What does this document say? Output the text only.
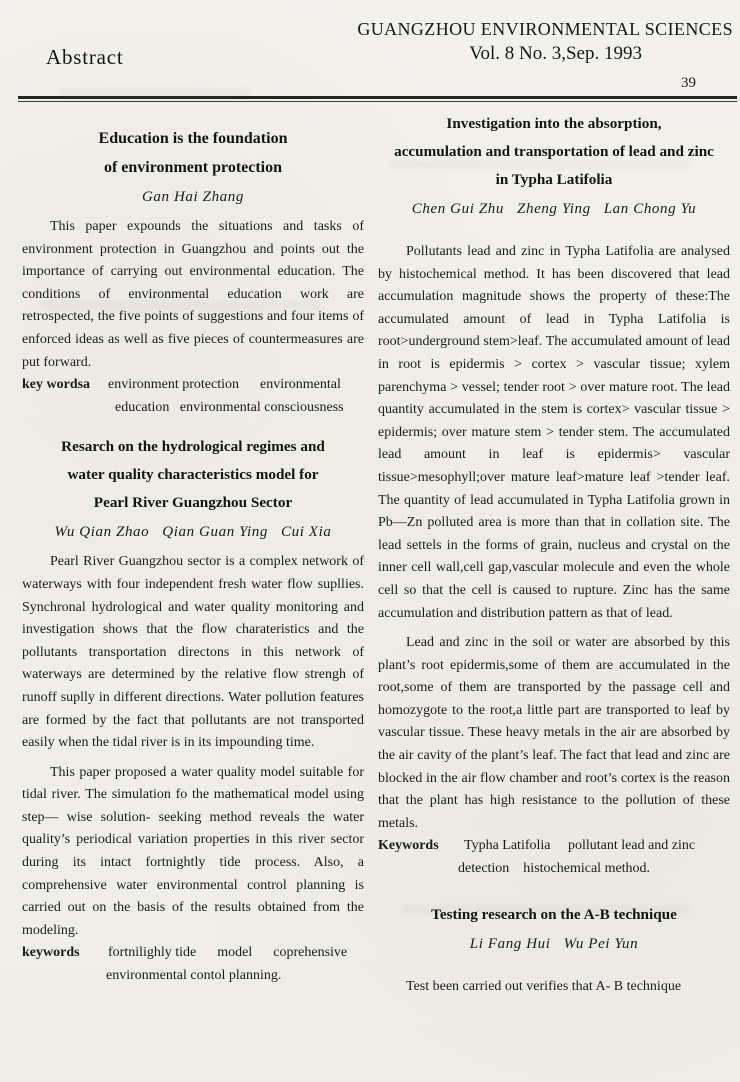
GUANGZHOU ENVIRONMENTAL SCIENCES
Abstract	Vol. 8 No. 3,Sep. 1993
39
Education is the foundation
of environment protection
Gan Hai Zhang

This paper expounds the situations and tasks of environment protection in Guangzhou and points out the importance of carrying out environmental education. The conditions of environmental education work are retrospected, the five points of suggestions and four items of enforced ideas as well as five pieces of countermeasures are put forward.

key wordsa environment protection      environmental
education   environmental consciousness
Resarch on the hydrological regimes and
water quality characteristics model for
Pearl River Guangzhou Sector
Wu Qian Zhao   Qian Guan Ying   Cui Xia

Pearl River Guangzhou sector is a complex network of waterways with four independent fresh water flow supllies. Synchronal hydrological and water quality monitoring and investigation shows that the flow charateristics and the pollutants transportation directons in this network of waterways are determined by the relative flow strengh of runoff suplly in different directions. Water pollution features are formed by the fact that pollutants are not transported easily when the tidal river is in its impounding time.

This paper proposed a water quality model suitable for tidal river. The simulation fo the mathematical model using step— wise solution- seeking method reveals the water quality’s periodical variation properties in this river sector during its intact fortnightly tide process. Also, a comprehensive water environmental control planning is carried out on the basis of the results obtained from the modeling.

keywords fortnilighly tide      model      coprehensive
environmental contol planning.
Investigation into the absorption,
accumulation and transportation of lead and zinc
in Typha Latifolia
Chen Gui Zhu   Zheng Ying   Lan Chong Yu

Pollutants lead and zinc in Typha Latifolia are analysed by histochemical method. It has been discovered that lead accumulation magnitude shows the property of these:The accumulated amount of lead in Typha Latifolia is root>underground stem>leaf. The accumulated amount of lead in root is epidermis > cortex > vascular tissue; xylem parenchyma > vessel; tender root > over mature root. The lead quantity accumulated in the stem is cortex> vascular tissue > epidermis; over mature stem > tender stem. The accumulated lead amount in leaf is epidermis> vascular tissue>mesophyll;over mature leaf>mature leaf >tender leaf. The quantity of lead accumulated in Typha Latifolia grown in Pb—Zn polluted area is more than that in collation site. The lead settels in the forms of grain, nucleus and crystal on the inner cell wall,cell gap,vascular molecule and even the whole cell so that the cell is caused to rupture. Zinc has the same accumulation and distribution pattern as that of lead.

Lead and zinc in the soil or water are absorbed by this plant’s root epidermis,some of them are accumulated in the root,some of them are transported by the passage cell and homozygote to the root,a little part are transported to leaf by vascular tissue. These heavy metals in the air are absorbed by the air cavity of the plant’s leaf. The fact that lead and zinc are blocked in the air flow chamber and root’s cortex is the reason that the plant has high resistance to the pollution of these metals.

Keywords Typha Latifolia     pollutant lead and zinc
detection    histochemical method.
Testing research on the A-B technique
Li Fang Hui   Wu Pei Yun

Test been carried out verifies that A- B technique
